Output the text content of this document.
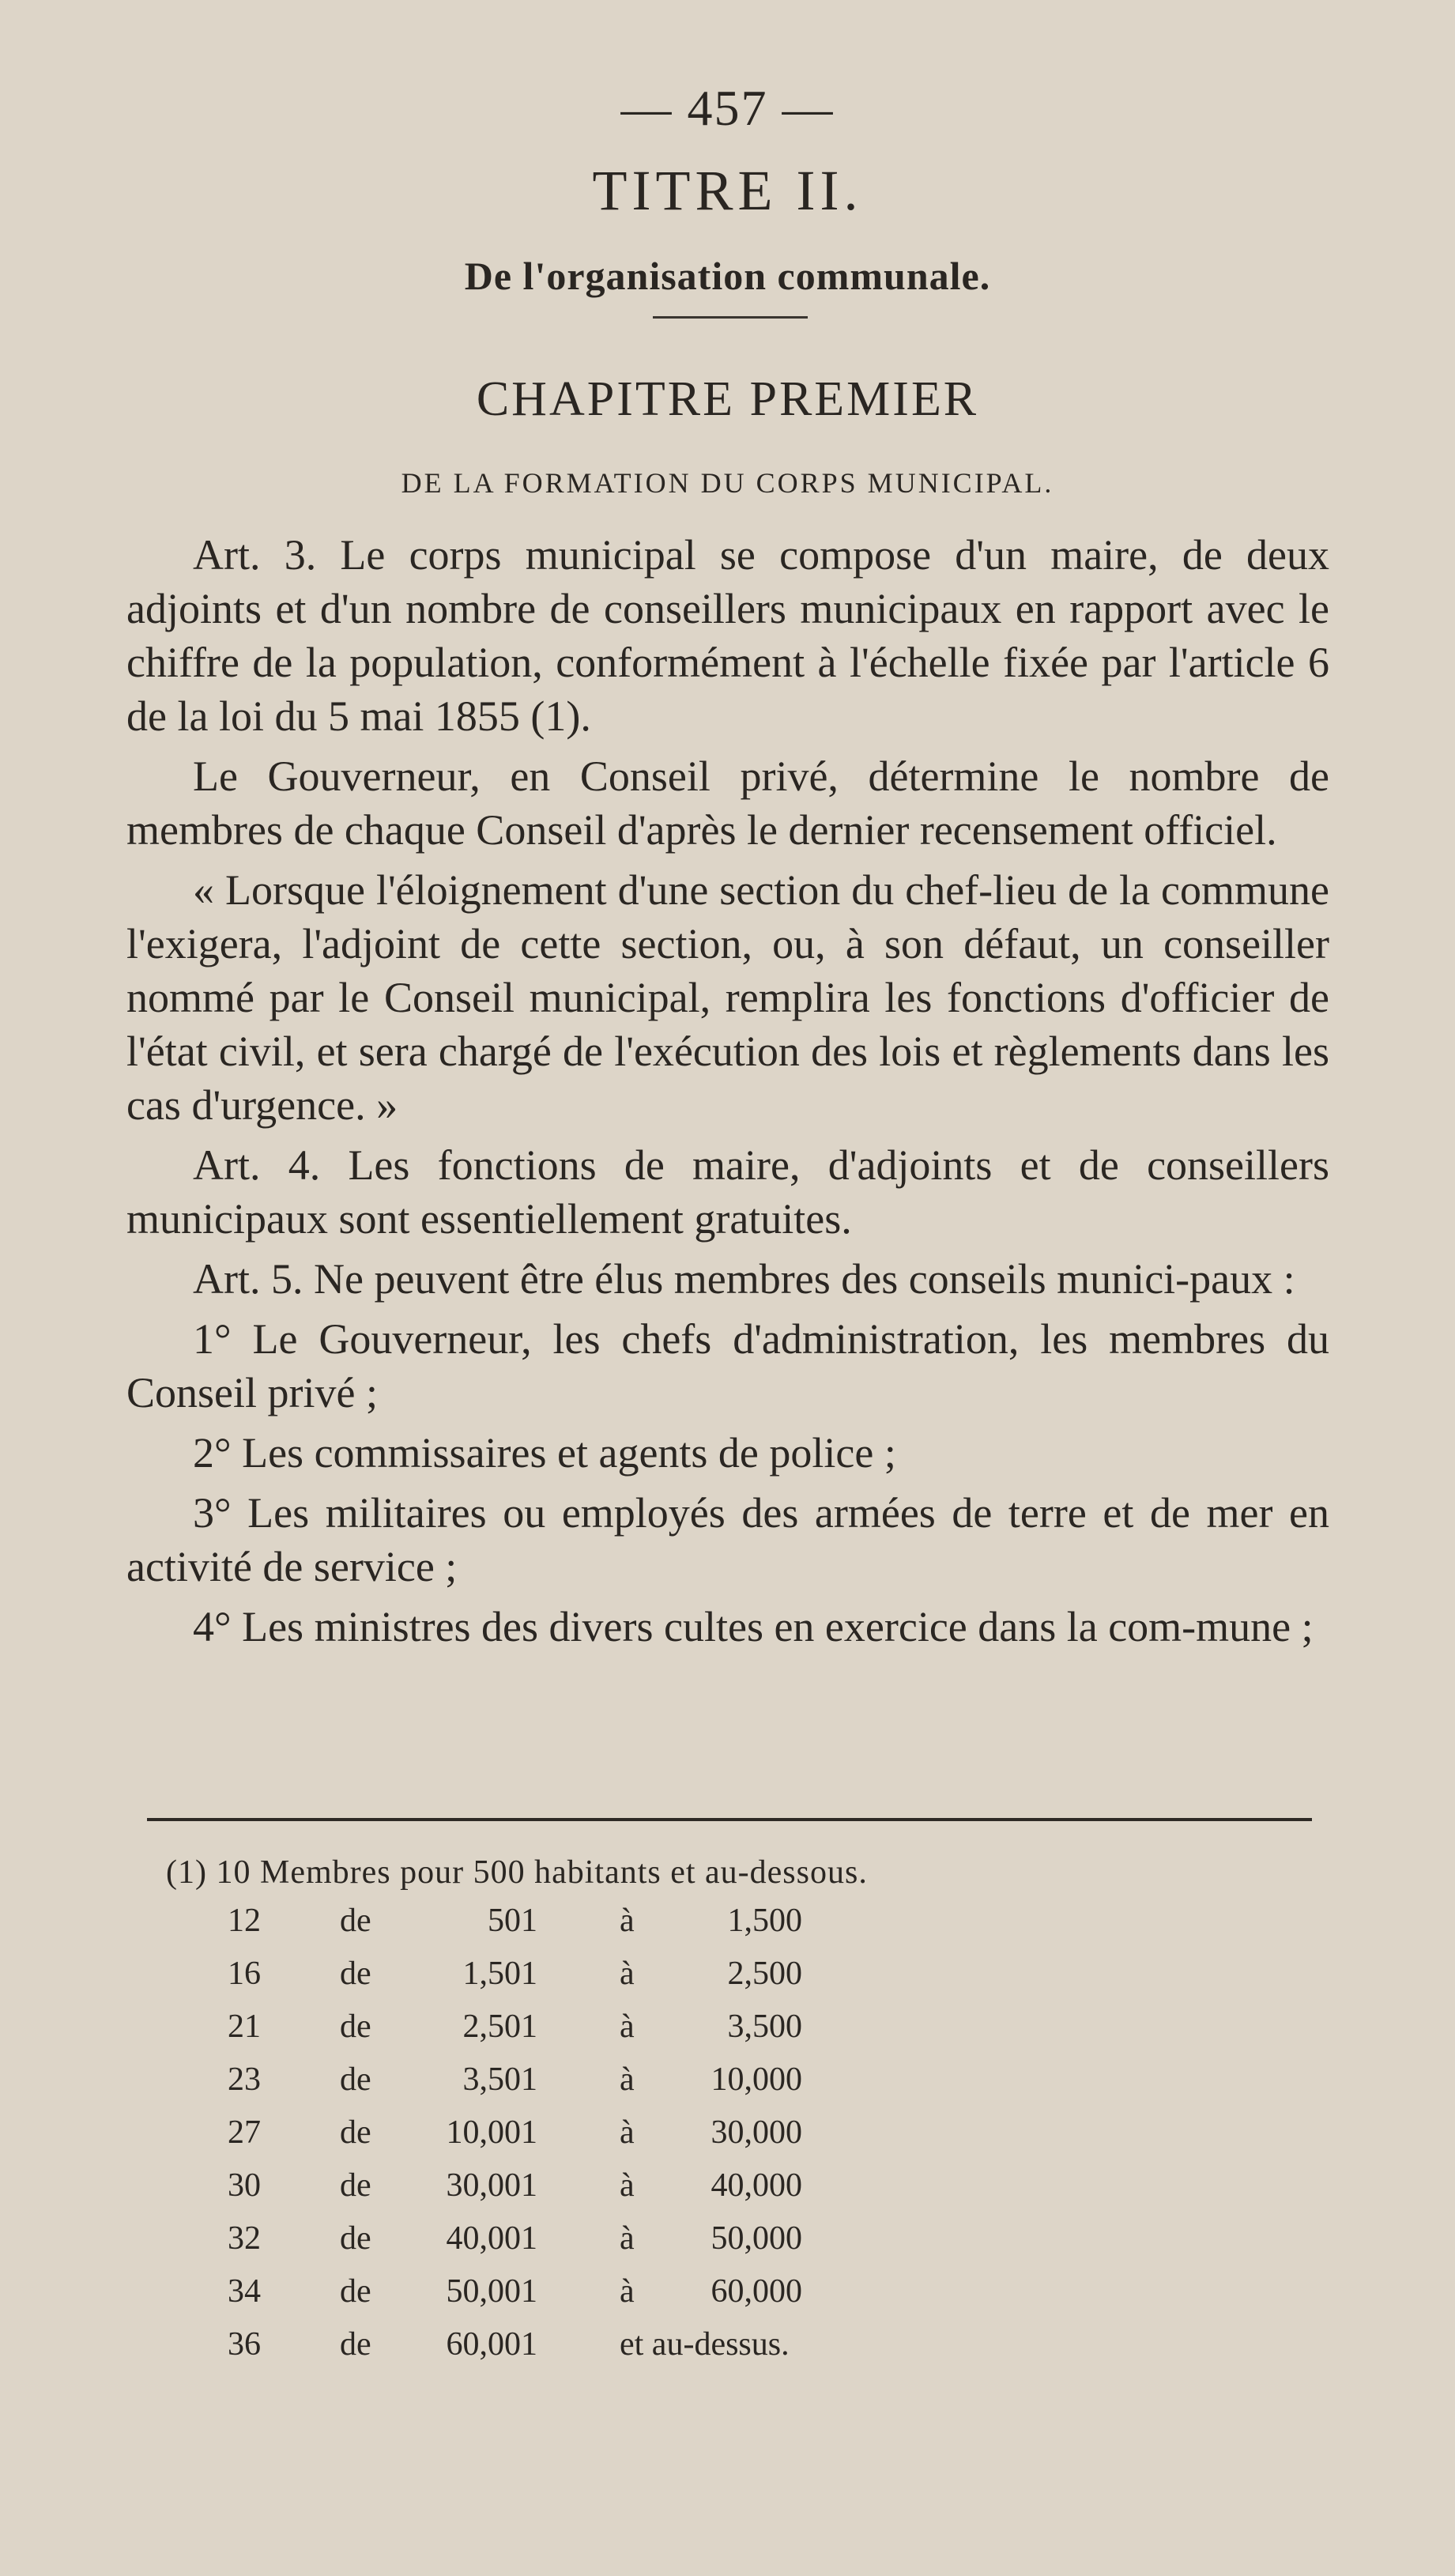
— 457 —
TITRE II.
De l'organisation communale.
CHAPITRE PREMIER
DE LA FORMATION DU CORPS MUNICIPAL.

Art. 3. Le corps municipal se compose d'un maire, de deux adjoints et d'un nombre de conseillers municipaux en rapport avec le chiffre de la population, conformément à l'échelle fixée par l'article 6 de la loi du 5 mai 1855 (1).

Le Gouverneur, en Conseil privé, détermine le nombre de membres de chaque Conseil d'après le dernier recensement officiel.

« Lorsque l'éloignement d'une section du chef-lieu de la commune l'exigera, l'adjoint de cette section, ou, à son défaut, un conseiller nommé par le Conseil municipal, remplira les fonctions d'officier de l'état civil, et sera chargé de l'exécution des lois et règlements dans les cas d'urgence. »

Art. 4. Les fonctions de maire, d'adjoints et de conseillers municipaux sont essentiellement gratuites.

Art. 5. Ne peuvent être élus membres des conseils munici-paux :

1° Le Gouverneur, les chefs d'administration, les membres du Conseil privé ;

2° Les commissaires et agents de police ;

3° Les militaires ou employés des armées de terre et de mer en activité de service ;

4° Les ministres des divers cultes en exercice dans la com-mune ;

(1) 10 Membres pour 500 habitants et au-dessous.
12 de	501 à	1,500
16 de	1,501 à	2,500
21 de	2,501 à	3,500
23 de	3,501 à	10,000
27 de	10,001 à	30,000
30 de	30,001 à	40,000
32 de	40,001 à	50,000
34 de	50,001 à	60,000
36 de	60,001 et au-dessus.
